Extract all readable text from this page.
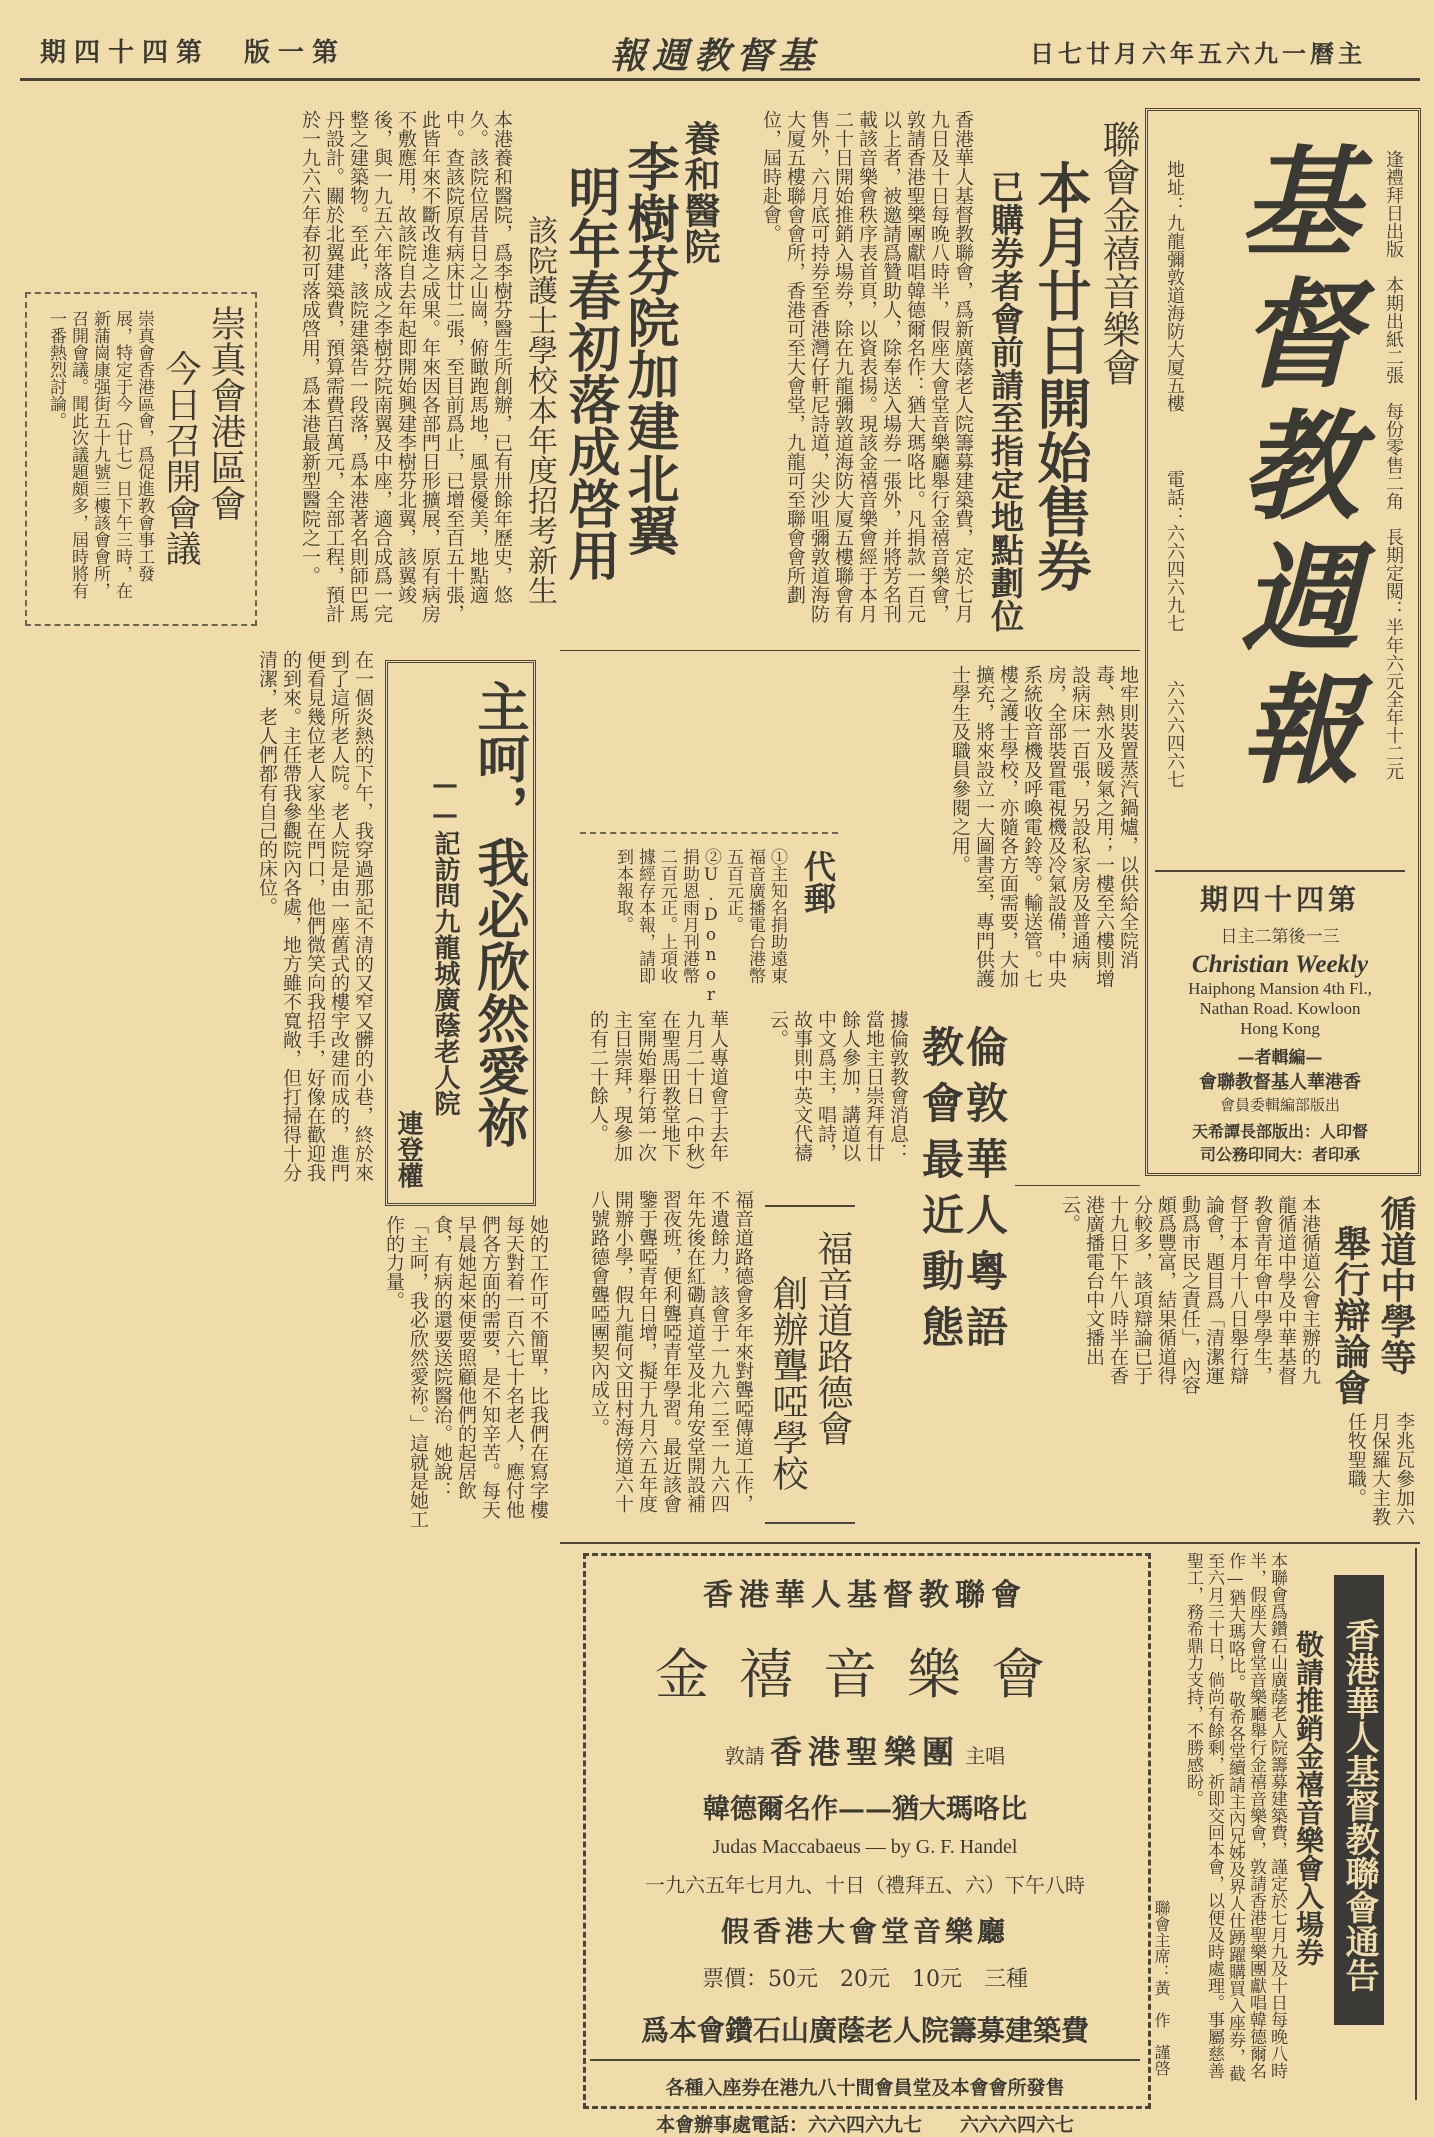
第一版　第四十四期	基督教週報	主曆一九六五年六月廿七日
逢禮拜日出版　本期出紙二張　每份零售二角　長期定閱：半年六元全年十二元
基督教週報
地址：九龍彌敦道海防大厦五樓
電話：六六四六九七
六六六四六七
第四十四期
三一後第二主日
Christian Weekly
Haiphong Mansion 4th Fl.,
Nathan Road. Kowloon
Hong Kong
—編輯者—
香港華人基督教聯會
出版部編輯委員會
督印人：出版部長譚希天
承印者：大同印務公司
聯會金禧音樂會
本月廿日開始售券
已購券者會前請至指定地點劃位
香港華人基督教聯會，爲新廣蔭老人院籌募建築費，定於七月九日及十日每晚八時半，假座大會堂音樂廳舉行金禧音樂會，敦請香港聖樂團獻唱韓德爾名作：猶大瑪咯比。凡捐款一百元以上者，被邀請爲贊助人，除奉送入場券一張外，并將芳名刊載該音樂會秩序表首頁，以資表揚。現該金禧音樂會經于本月二十日開始推銷入場券，除在九龍彌敦道海防大厦五樓聯會有售外，六月底可持券至香港灣仔軒尼詩道，尖沙咀彌敦道海防大厦五樓聯會會所，香港可至大會堂，九龍可至聯會會所劃位，屆時赴會。
養和醫院
李樹芬院加建北翼
明年春初落成啓用
該院護士學校本年度招考新生
本港養和醫院，爲李樹芬醫生所創辦，已有卅餘年歷史，悠久。該院位居昔日之山崗，俯瞰跑馬地，風景優美，地點適中。查該院原有病床廿二張，至目前爲止，已增至百五十張，此皆年來不斷改進之成果。年來因各部門日形擴展，原有病房不敷應用，故該院自去年起即開始興建李樹芬北翼，該翼竣後，與一九五六年落成之李樹芬院南翼及中座，適合成爲一完整之建築物。至此，該院建築告一段落，爲本港著名則師巴馬丹設計。關於北翼建築費，預算需費百萬元，全部工程，預計於一九六六年春初可落成啓用，爲本港最新型醫院之一。
地牢則裝置蒸汽鍋爐，以供給全院消毒、熱水及暖氣之用；一樓至六樓則增設病床一百張，另設私家房及普通病房，全部裝置電視機及冷氣設備，中央系統收音機及呼喚電鈴等。輸送管。七樓之護士學校，亦隨各方面需要，大加擴充，將來設立一大圖書室，專門供護士學生及職員參閱之用。
崇真會港區會
今日召開會議
崇真會香港區會，爲促進教會事工發展，特定于今（廿七）日下午三時，在新蒲崗康强街五十九號三樓該會會所，召開會議。聞此次議題頗多，屆時將有一番熱烈討論。
主呵，我必欣然愛祢
——記訪問九龍城廣蔭老人院
連登權
在一個炎熱的下午，我穿過那記不清的又窄又髒的小巷，終於來到了這所老人院。老人院是由一座舊式的樓宇改建而成的，進門便看見幾位老人家坐在門口，他們微笑向我招手，好像在歡迎我的到來。主任帶我參觀院內各處，地方雖不寬敞，但打掃得十分清潔，老人們都有自己的床位。
她的工作可不簡單，比我們在寫字樓每天對着一百六七十名老人，應付他們各方面的需要，是不知辛苦。每天早晨她起來便要照顧他們的起居飲食，有病的還要送院醫治。她說：「主呵，我必欣然愛祢。」這就是她工作的力量。
代郵
①主知名捐助遠東福音廣播電台港幣五百元正。②U.Donor捐助恩雨月刊港幣二百元正。上項收據經存本報，請即到本報取。
倫敦華人粵語教會最近動態
據倫敦教會消息：當地主日崇拜有廿餘人參加，講道以中文爲主，唱詩，故事則中英文代禱云。
華人專道會于去年九月二十日（中秋）在聖馬田教堂地下室開始舉行第一次主日崇拜，現參加的有二十餘人。
循道中學等
舉行辯論會
本港循道公會主辦的九龍循道中學及中華基督教會青年會中學學生，督于本月十八日舉行辯論會，題目爲「清潔運動爲市民之責任」，內容頗爲豐富，結果循道得分較多，該項辯論已于十九日下午八時半在香港廣播電台中文播出云。
李兆瓦參加六月保羅大主教任牧聖職。
福音道路德會
創辦聾啞學校
福音道路德會多年來對聾啞傳道工作，不遺餘力，該會于一九六二至一九六四年先後在紅磡真道堂及北角安堂開設補習夜班，便利聾啞青年學習。最近該會鑒于聾啞青年日增，擬于九月六五年度開辦小學，假九龍何文田村海傍道六十八號路德會聾啞團契內成立。
香港華人基督教聯會
金禧音樂會
敦請 香港聖樂團 主唱
韓德爾名作——猶大瑪咯比
Judas Maccabaeus — by G. F. Handel
一九六五年七月九、十日（禮拜五、六）下午八時
假香港大會堂音樂廳
票價：50元　20元　10元　三種
爲本會鑽石山廣蔭老人院籌募建築費
各種入座券在港九八十間會員堂及本會會所發售
本會辦事處電話：六六四六九七　　六六六四六七
香港華人基督教聯會通告
敬請推銷金禧音樂會入場券
本聯會爲鑽石山廣蔭老人院籌募建築費，謹定於七月九及十日每晚八時半，假座大會堂音樂廳舉行金禧音樂會，敦請香港聖樂團獻唱韓德爾名作—猶大瑪咯比。敬希各堂續請主內兄姊及界人仕踴躍購買入座券，截至六月三十日，倘尚有餘剩，祈即交回本會，以便及時處理。事屬慈善聖工，務希鼎力支持，不勝感盼。
聯會主席：黃　作　謹啓
